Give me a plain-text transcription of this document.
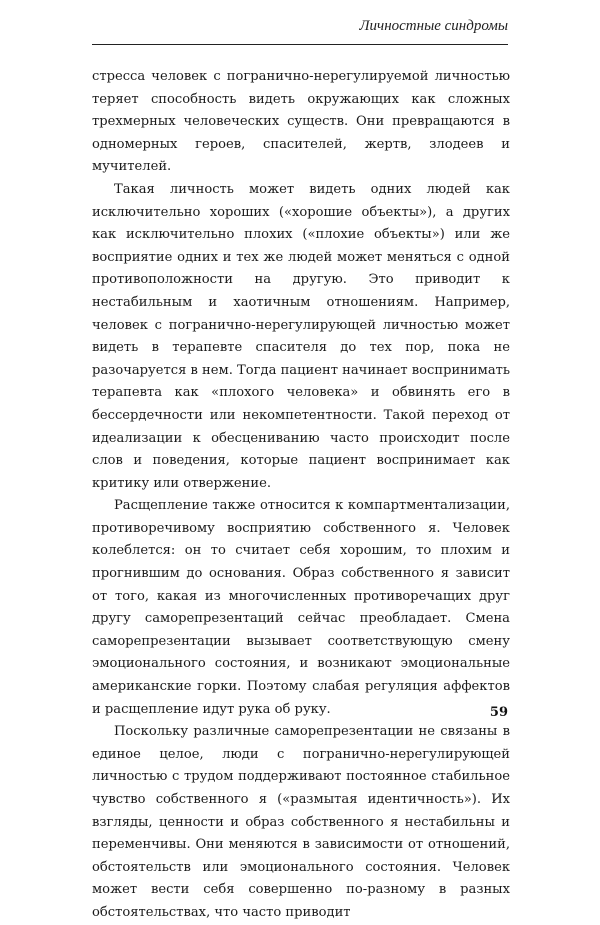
Личностные синдромы

стресса человек с погранично-нерегулируемой личностью теряет способность видеть окружающих как сложных трехмерных человеческих существ. Они превращаются в одномерных героев, спасителей, жертв, злодеев и мучителей.

Такая личность может видеть одних людей как исключительно хороших («хорошие объекты»), а других как исключительно плохих («плохие объекты») или же восприятие одних и тех же людей может меняться с одной противоположности на другую. Это приводит к нестабильным и хаотичным отношениям. Например, человек с погранично-нерегулирующей личностью может видеть в терапевте спасителя до тех пор, пока не разочаруется в нем. Тогда пациент начинает воспринимать терапевта как «плохого человека» и обвинять его в бессердечности или некомпетентности. Такой переход от идеализации к обесцениванию часто происходит после слов и поведения, которые пациент воспринимает как критику или отвержение.

Расщепление также относится к компартментализации, противоречивому восприятию собственного я. Человек колеблется: он то считает себя хорошим, то плохим и прогнившим до основания. Образ собственного я зависит от того, какая из многочисленных противоречащих друг другу саморепрезентаций сейчас преобладает. Смена саморепрезентации вызывает соответствующую смену эмоционального состояния, и возникают эмоциональные американские горки. Поэтому слабая регуляция аффектов и расщепление идут рука об руку.

Поскольку различные саморепрезентации не связаны в единое целое, люди с погранично-нерегулирующей личностью с трудом поддерживают постоянное стабильное чувство собственного я («размытая идентичность»). Их взгляды, ценности и образ собственного я нестабильны и переменчивы. Они меняются в зависимости от отношений, обстоятельств или эмоционального состояния. Человек может вести себя совершенно по-разному в разных обстоятельствах, что часто приводит

59
